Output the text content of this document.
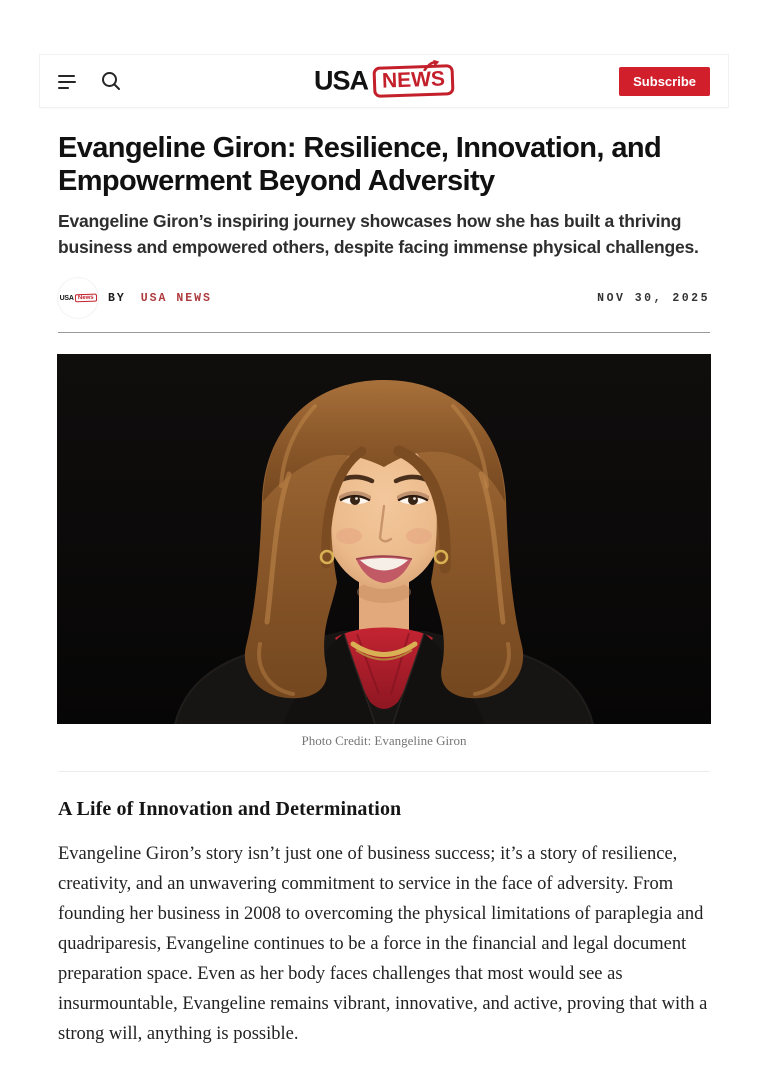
USA NEWS	Subscribe
Evangeline Giron: Resilience, Innovation, and Empowerment Beyond Adversity
Evangeline Giron’s inspiring journey showcases how she has built a thriving business and empowered others, despite facing immense physical challenges.
USA News BY USA NEWS	NOV 30, 2025
Photo Credit: Evangeline Giron
A Life of Innovation and Determination

Evangeline Giron’s story isn’t just one of business success; it’s a story of resilience, creativity, and an unwavering commitment to service in the face of adversity. From founding her business in 2008 to overcoming the physical limitations of paraplegia and quadriparesis, Evangeline continues to be a force in the financial and legal document preparation space. Even as her body faces challenges that most would see as insurmountable, Evangeline remains vibrant, innovative, and active, proving that with a strong will, anything is possible.
